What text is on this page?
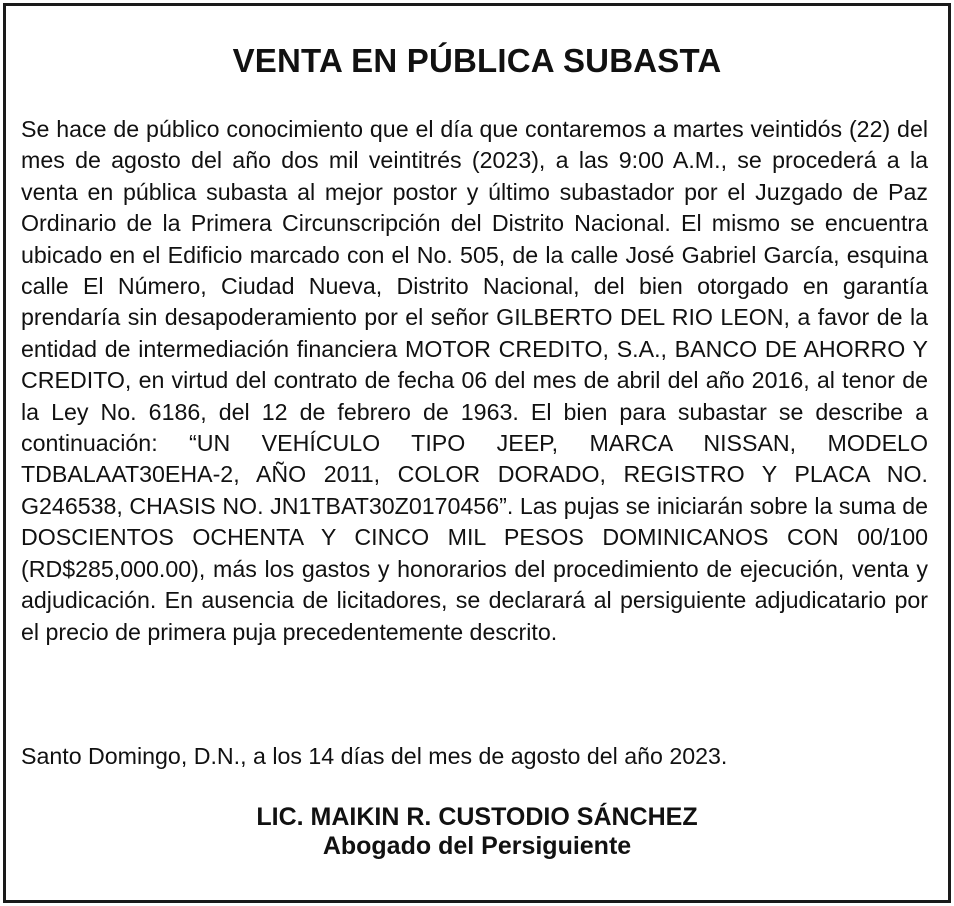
VENTA EN PÚBLICA SUBASTA

Se hace de público conocimiento que el día que contaremos a martes veintidós (22) del mes de agosto del año dos mil veintitrés (2023), a las 9:00 A.M., se procederá a la venta en pública subasta al mejor postor y último subastador por el Juzgado de Paz Ordinario de la Primera Circunscripción del Distrito Nacional. El mismo se encuentra ubicado en el Edificio marcado con el No. 505, de la calle José Gabriel García, esquina calle El Número, Ciudad Nueva, Distrito Nacional, del bien otorgado en garantía prendaría sin desapoderamiento por el señor GILBERTO DEL RIO LEON, a favor de la entidad de intermediación financiera MOTOR CREDITO, S.A., BANCO DE AHORRO Y CREDITO, en virtud del contrato de fecha 06 del mes de abril del año 2016, al tenor de la Ley No. 6186, del 12 de febrero de 1963. El bien para subastar se describe a continuación: “UN VEHÍCULO TIPO JEEP, MARCA NISSAN, MODELO TDBALAAT30EHA-2, AÑO 2011, COLOR DORADO, REGISTRO Y PLACA NO. G246538, CHASIS NO. JN1TBAT30Z0170456”. Las pujas se iniciarán sobre la suma de DOSCIENTOS OCHENTA Y CINCO MIL PESOS DOMINICANOS CON 00/100 (RD$285,000.00), más los gastos y honorarios del procedimiento de ejecución, venta y adjudicación. En ausencia de licitadores, se declarará al persiguiente adjudicatario por el precio de primera puja precedentemente descrito.

Santo Domingo, D.N., a los 14 días del mes de agosto del año 2023.

LIC. MAIKIN R. CUSTODIO SÁNCHEZ
Abogado del Persiguiente
